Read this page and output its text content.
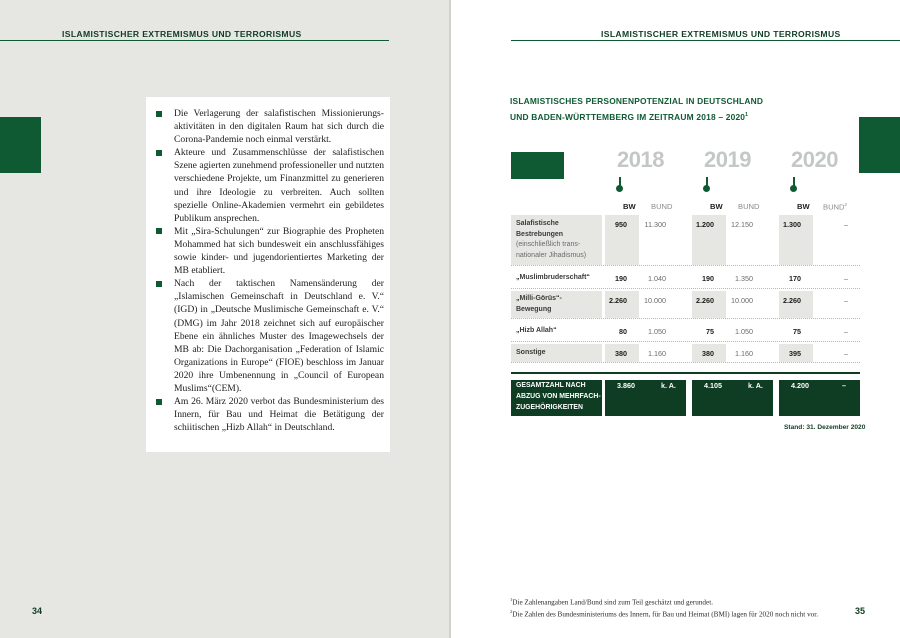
ISLAMISTISCHER EXTREMISMUS UND TERRORISMUS
Die Verlagerung der salafistischen Missionierungsaktivitäten in den digitalen Raum hat sich durch die Corona-Pandemie noch einmal verstärkt.
Akteure und Zusammenschlüsse der salafistischen Szene agierten zunehmend professioneller und nutzten verschiedene Projekte, um Finanzmittel zu generieren und ihre Ideologie zu verbreiten. Auch sollten spezielle Online-Akademien vermehrt ein gebildetes Publikum ansprechen.
Mit „Sira-Schulungen“ zur Biographie des Propheten Mohammed hat sich bundesweit ein anschlussfähiges sowie kinder- und jugendorientiertes Marketing der MB etabliert.
Nach der taktischen Namensänderung der „Islamischen Gemeinschaft in Deutschland e. V.“ (IGD) in „Deutsche Muslimische Gemeinschaft e. V.“ (DMG) im Jahr 2018 zeichnet sich auf europäischer Ebene ein ähnliches Muster des Imagewechsels der MB ab: Die Dachorganisation „Federation of Islamic Organizations in Europe“ (FIOE) beschloss im Januar 2020 ihre Umbenennung in „Council of European Muslims“(CEM).
Am 26. März 2020 verbot das Bundesministerium des Innern, für Bau und Heimat die Betätigung der schiitischen „Hizb Allah“ in Deutschland.
34
ISLAMISTISCHER EXTREMISMUS UND TERRORISMUS
ISLAMISTISCHES PERSONENPOTENZIAL IN DEUTSCHLAND
UND BADEN-WÜRTTEMBERG IM ZEITRAUM 2018 – 2020$^1$
2018 2019 2020
BW BUND	BW BUND	BW BUND$^2$
Salafistische Bestrebungen
(einschließlich transnationaler Jihadismus)
950	11.300	1.200	12.150	1.300	–
„Muslimbruderschaft“	190	1.040	190	1.350	170	–
„Milli-Görüs“-Bewegung
2.260	10.000	2.260	10.000	2.260	–
„Hizb Allah“	80	1.050	75	1.050	75	–
Sonstige	380	1.160	380	1.160	395	–
GESAMTZAHL NACH ABZUG VON MEHRFACHZUGEHÖRIGKEITEN
3.860	k. A.	4.105	k. A.	4.200	–
Stand: 31. Dezember 2020
$^1$Die Zahlenangaben Land/Bund sind zum Teil geschätzt und gerundet.
$^2$Die Zahlen des Bundesministeriums des Innern, für Bau und Heimat (BMI) lagen für 2020 noch nicht vor.	35
